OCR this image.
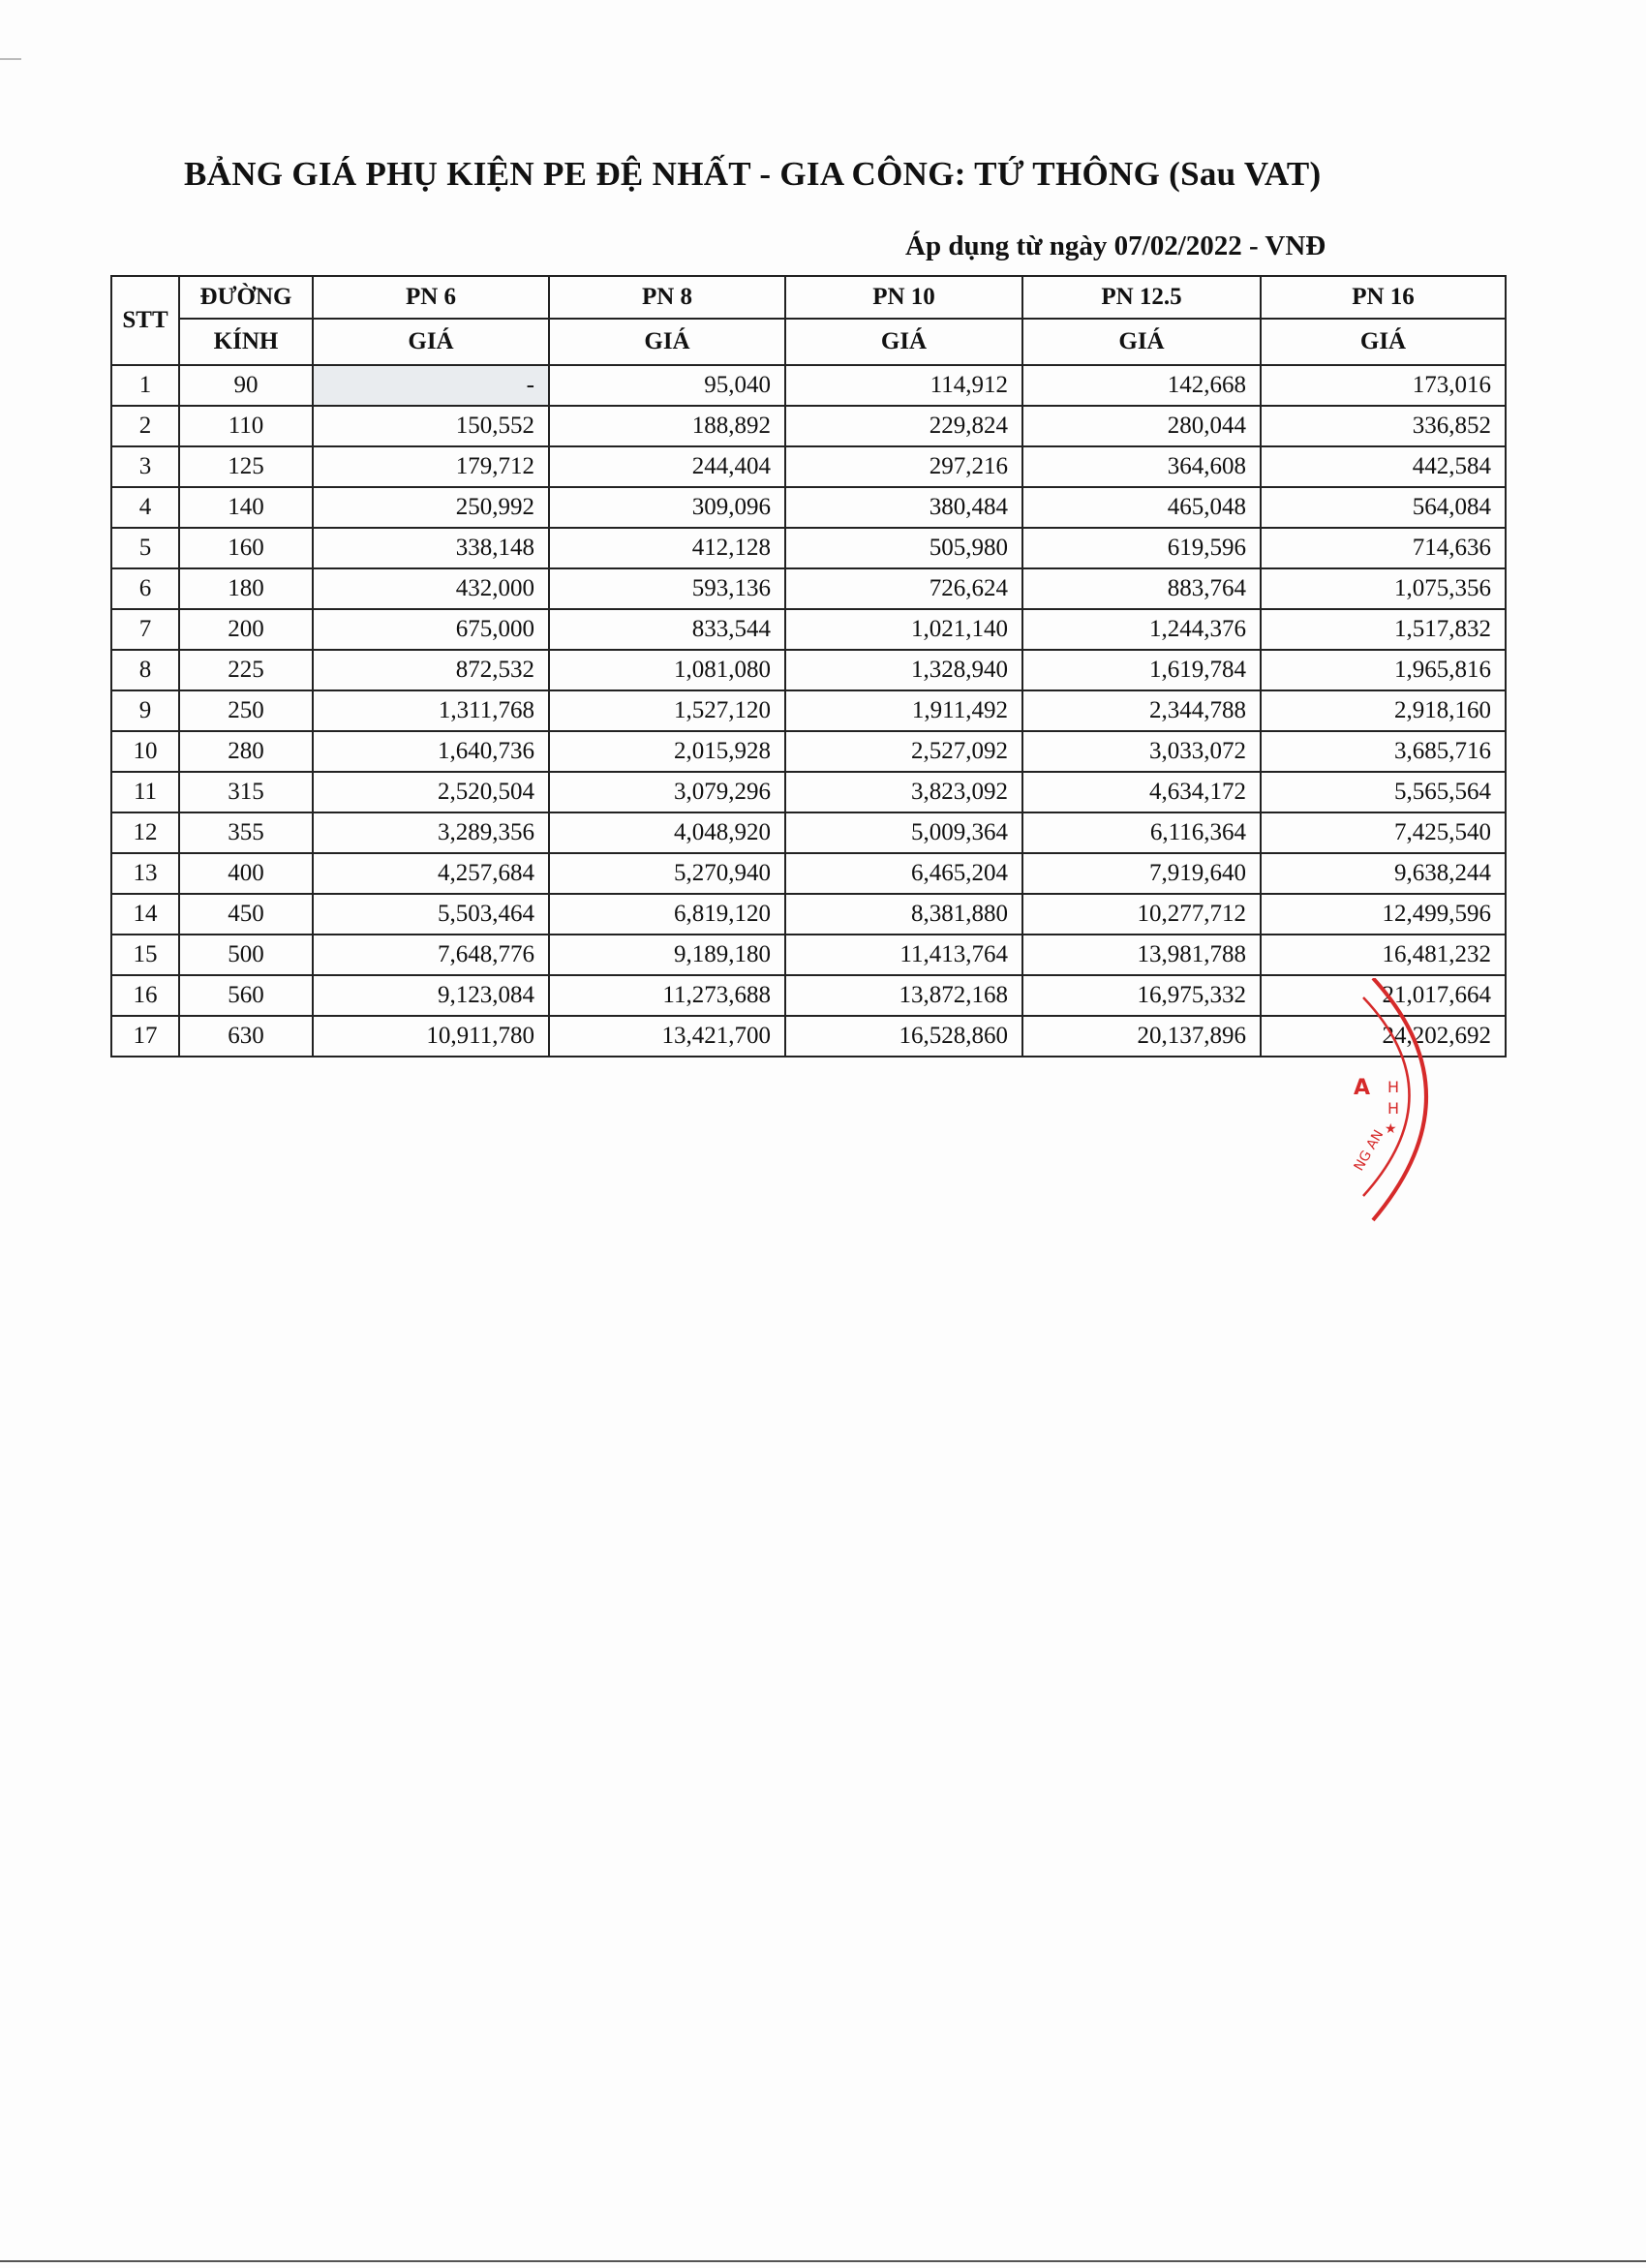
BẢNG GIÁ PHỤ KIỆN PE ĐỆ NHẤT - GIA CÔNG: TỨ THÔNG (Sau VAT)
Áp dụng từ ngày 07/02/2022 - VNĐ
STT	ĐƯỜNG	PN 6	PN 8	PN 10	PN 12.5	PN 16
	KÍNH	GIÁ	GIÁ	GIÁ	GIÁ	GIÁ
1	90	-	95,040	114,912	142,668	173,016
2	110	150,552	188,892	229,824	280,044	336,852
3	125	179,712	244,404	297,216	364,608	442,584
4	140	250,992	309,096	380,484	465,048	564,084
5	160	338,148	412,128	505,980	619,596	714,636
6	180	432,000	593,136	726,624	883,764	1,075,356
7	200	675,000	833,544	1,021,140	1,244,376	1,517,832
8	225	872,532	1,081,080	1,328,940	1,619,784	1,965,816
9	250	1,311,768	1,527,120	1,911,492	2,344,788	2,918,160
10	280	1,640,736	2,015,928	2,527,092	3,033,072	3,685,716
11	315	2,520,504	3,079,296	3,823,092	4,634,172	5,565,564
12	355	3,289,356	4,048,920	5,009,364	6,116,364	7,425,540
13	400	4,257,684	5,270,940	6,465,204	7,919,640	9,638,244
14	450	5,503,464	6,819,120	8,381,880	10,277,712	12,499,596
15	500	7,648,776	9,189,180	11,413,764	13,981,788	16,481,232
16	560	9,123,084	11,273,688	13,872,168	16,975,332	21,017,664
17	630	10,911,780	13,421,700	16,528,860	20,137,896	24,202,692
A H
H
★
NG AN
